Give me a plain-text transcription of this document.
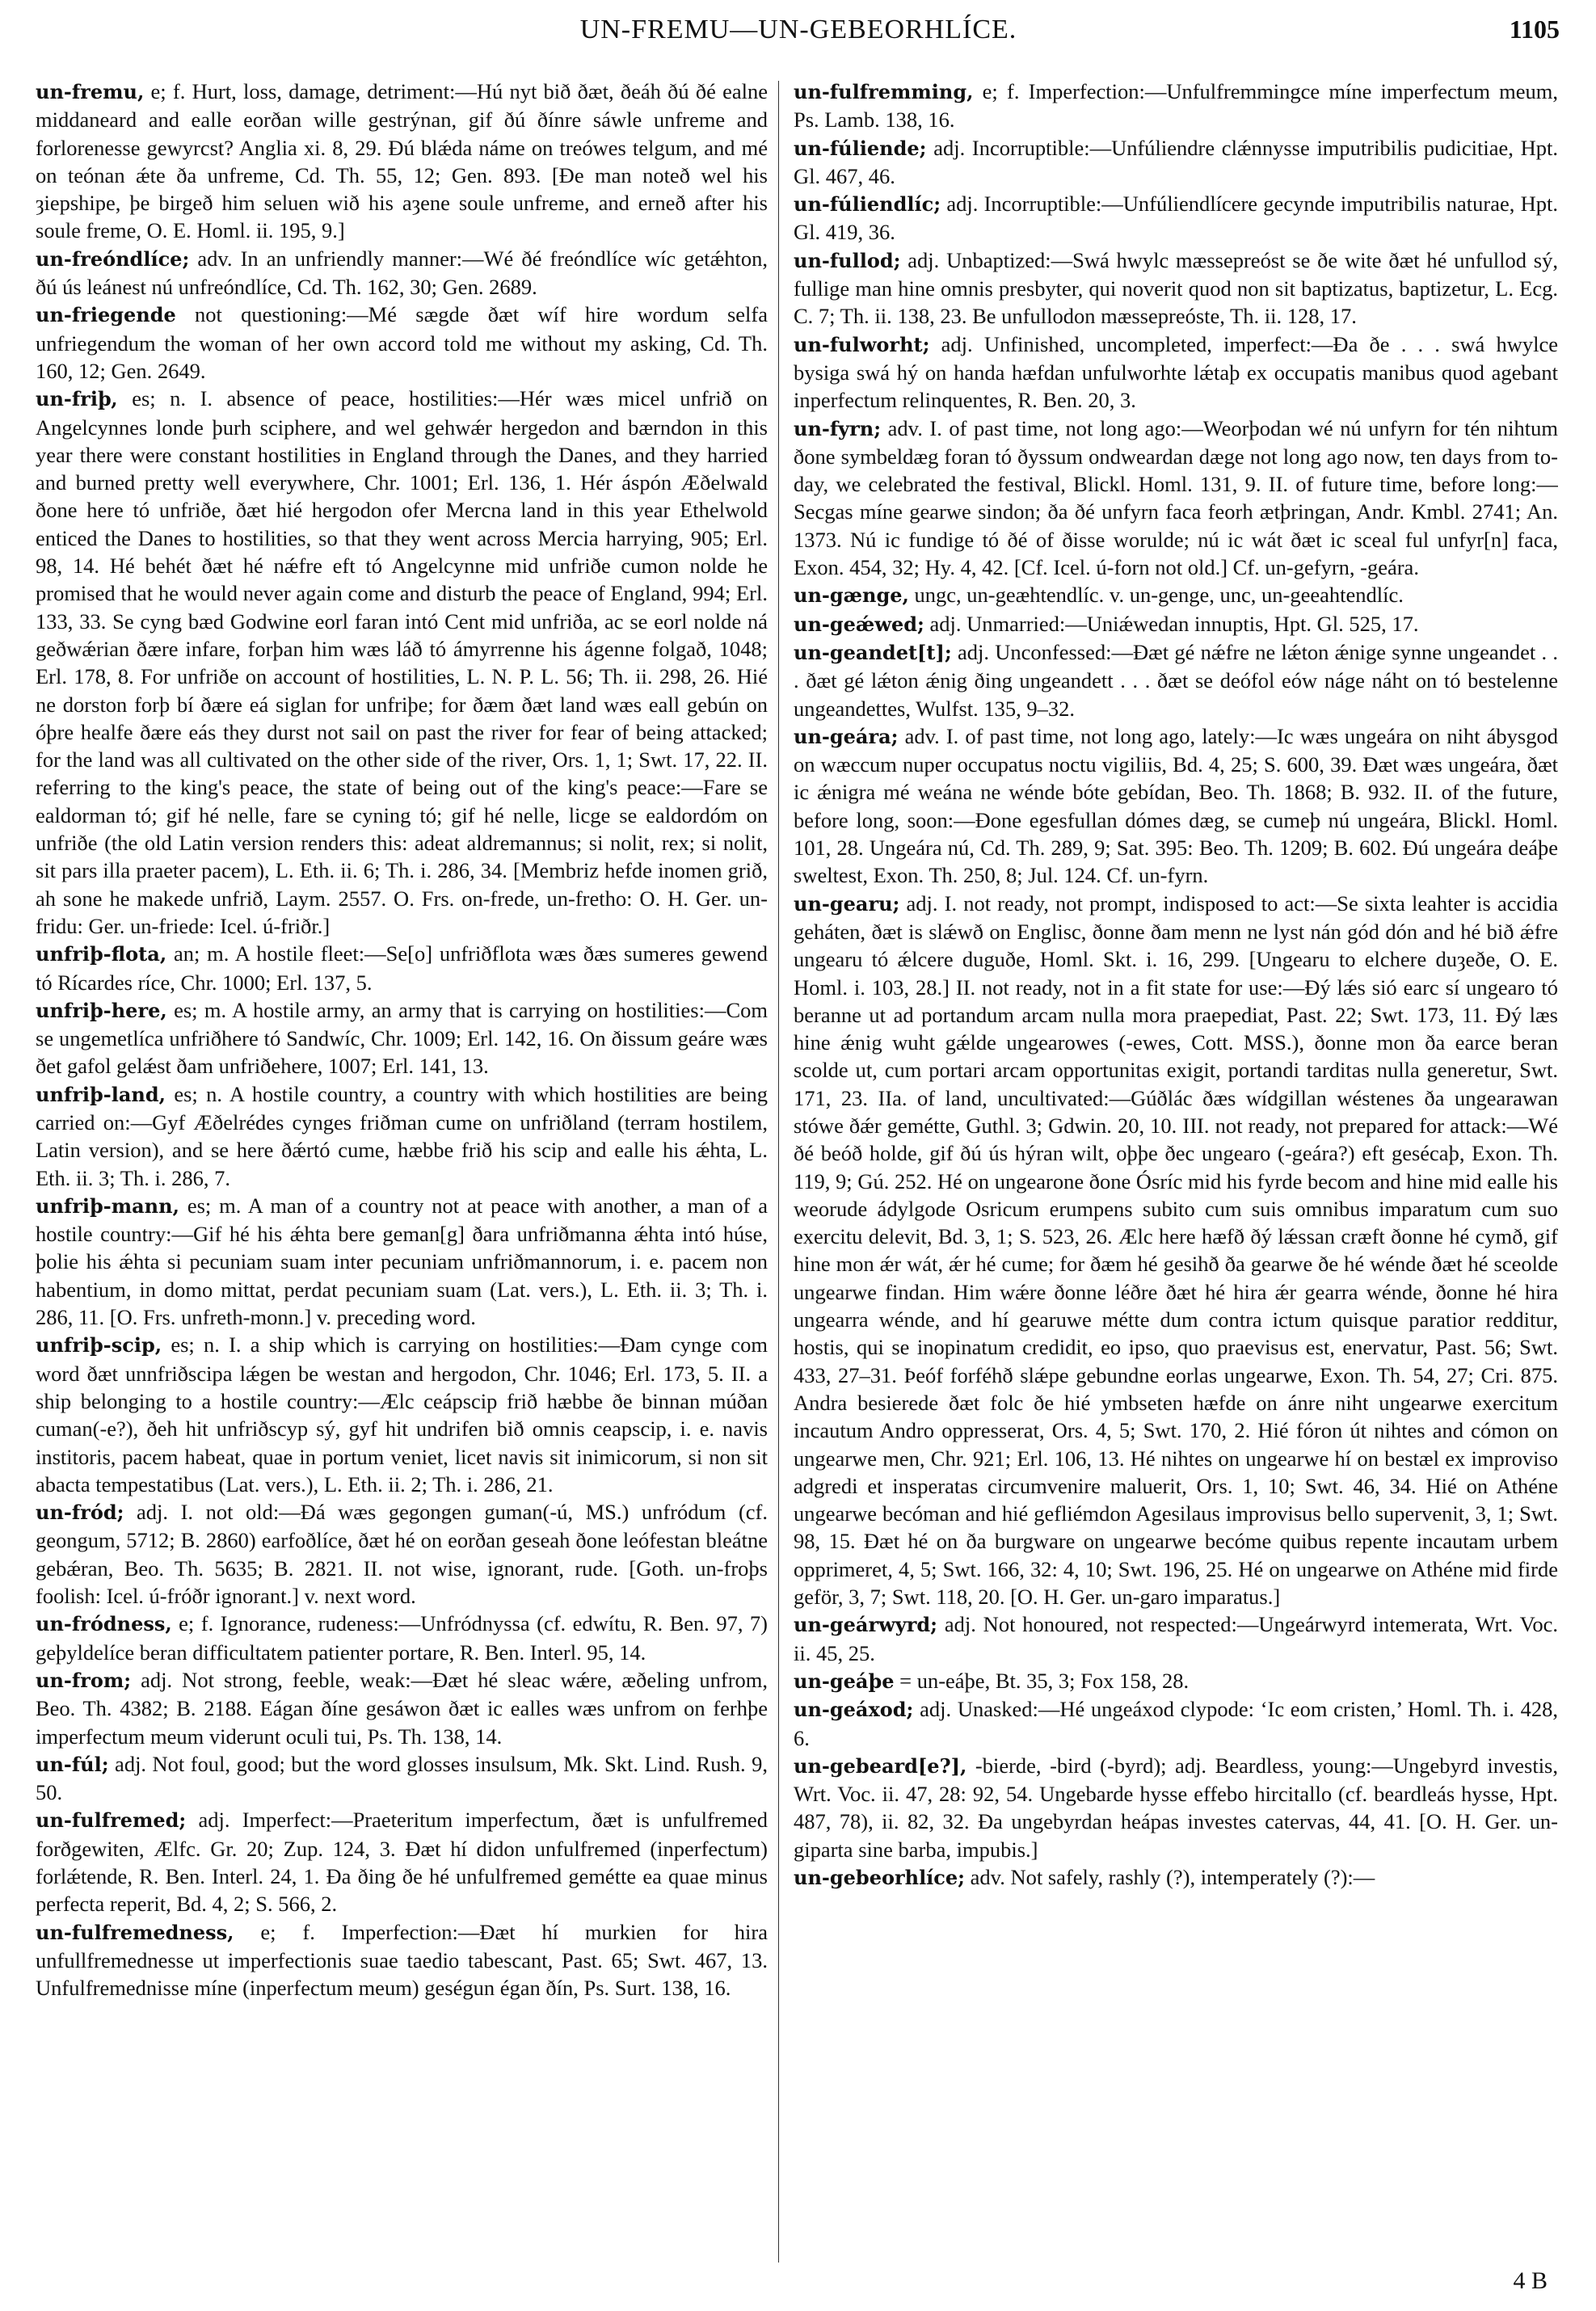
UN-FREMU—UN-GEBEORHLÍCE.	1105

un-fremu, e; f. Hurt, loss, damage, detriment:—Hú nyt bið ðæt, ðeáh ðú ðé ealne middaneard and ealle eorðan wille gestrýnan, gif ðú ðínre sáwle unfreme and forlorenesse gewyrcst? Anglia xi. 8, 29. Ðú blǽda náme on treówes telgum, and mé on teónan ǽte ða unfreme, Cd. Th. 55, 12; Gen. 893. [Ðe man noteð wel his ȝiepshipe, þe birgeð him seluen wið his aȝene soule unfreme, and erneð after his soule freme, O. E. Homl. ii. 195, 9.]

un-freóndlíce; adv. In an unfriendly manner:—Wé ðé freóndlíce wíc getǽhton, ðú ús leánest nú unfreóndlíce, Cd. Th. 162, 30; Gen. 2689.

un-friegende not questioning:—Mé sægde ðæt wíf hire wordum selfa unfriegendum the woman of her own accord told me without my asking, Cd. Th. 160, 12; Gen. 2649.

un-friþ, es; n. I. absence of peace, hostilities:—Hér wæs micel unfrið on Angelcynnes londe þurh sciphere, and wel gehwǽr hergedon and bærndon in this year there were constant hostilities in England through the Danes, and they harried and burned pretty well everywhere, Chr. 1001; Erl. 136, 1. Hér áspón Æðelwald ðone here tó unfriðe, ðæt hié hergodon ofer Mercna land in this year Ethelwold enticed the Danes to hostilities, so that they went across Mercia harrying, 905; Erl. 98, 14. Hé behét ðæt hé nǽfre eft tó Angelcynne mid unfriðe cumon nolde he promised that he would never again come and disturb the peace of England, 994; Erl. 133, 33. Se cyng bæd Godwine eorl faran intó Cent mid unfriða, ac se eorl nolde ná geðwǽrian ðære infare, forþan him wæs láð tó ámyrrenne his ágenne folgað, 1048; Erl. 178, 8. For unfriðe on account of hostilities, L. N. P. L. 56; Th. ii. 298, 26. Hié ne dorston forþ bí ðære eá siglan for unfriþe; for ðæm ðæt land wæs eall gebún on óþre healfe ðære eás they durst not sail on past the river for fear of being attacked; for the land was all cultivated on the other side of the river, Ors. 1, 1; Swt. 17, 22. II. referring to the king's peace, the state of being out of the king's peace:—Fare se ealdorman tó; gif hé nelle, fare se cyning tó; gif hé nelle, licge se ealdordóm on unfriðe (the old Latin version renders this: adeat aldremannus; si nolit, rex; si nolit, sit pars illa praeter pacem), L. Eth. ii. 6; Th. i. 286, 34. [Membriz hefde inomen grið, ah sone he makede unfrið, Laym. 2557. O. Frs. on-frede, un-fretho: O. H. Ger. un-fridu: Ger. un-friede: Icel. ú-friðr.]

unfriþ-flota, an; m. A hostile fleet:—Se[o] unfriðflota wæs ðæs sumeres gewend tó Rícardes ríce, Chr. 1000; Erl. 137, 5.

unfriþ-here, es; m. A hostile army, an army that is carrying on hostilities:—Com se ungemetlíca unfriðhere tó Sandwíc, Chr. 1009; Erl. 142, 16. On ðissum geáre wæs ðet gafol gelǽst ðam unfriðehere, 1007; Erl. 141, 13.

unfriþ-land, es; n. A hostile country, a country with which hostilities are being carried on:—Gyf Æðelrédes cynges friðman cume on unfriðland (terram hostilem, Latin version), and se here ðǽrtó cume, hæbbe frið his scip and ealle his ǽhta, L. Eth. ii. 3; Th. i. 286, 7.

unfriþ-mann, es; m. A man of a country not at peace with another, a man of a hostile country:—Gif hé his ǽhta bere geman[g] ðara unfriðmanna ǽhta intó húse, þolie his ǽhta si pecuniam suam inter pecuniam unfriðmannorum, i. e. pacem non habentium, in domo mittat, perdat pecuniam suam (Lat. vers.), L. Eth. ii. 3; Th. i. 286, 11. [O. Frs. unfreth-monn.] v. preceding word.

unfriþ-scip, es; n. I. a ship which is carrying on hostilities:—Ðam cynge com word ðæt unnfriðscipa lǽgen be westan and hergodon, Chr. 1046; Erl. 173, 5. II. a ship belonging to a hostile country:—Ælc ceápscip frið hæbbe ðe binnan múðan cuman(-e?), ðeh hit unfriðscyp sý, gyf hit undrifen bið omnis ceapscip, i. e. navis institoris, pacem habeat, quae in portum veniet, licet navis sit inimicorum, si non sit abacta tempestatibus (Lat. vers.), L. Eth. ii. 2; Th. i. 286, 21.

un-fród; adj. I. not old:—Ðá wæs gegongen guman(-ú, MS.) unfródum (cf. geongum, 5712; B. 2860) earfoðlíce, ðæt hé on eorðan geseah ðone leófestan bleátne gebǽran, Beo. Th. 5635; B. 2821. II. not wise, ignorant, rude. [Goth. un-froþs foolish: Icel. ú-fróðr ignorant.] v. next word.

un-fródness, e; f. Ignorance, rudeness:—Unfródnyssa (cf. edwítu, R. Ben. 97, 7) geþyldelíce beran difficultatem patienter portare, R. Ben. Interl. 95, 14.

un-from; adj. Not strong, feeble, weak:—Ðæt hé sleac wǽre, æðeling unfrom, Beo. Th. 4382; B. 2188. Eágan ðíne gesáwon ðæt ic ealles wæs unfrom on ferhþe imperfectum meum viderunt oculi tui, Ps. Th. 138, 14.

un-fúl; adj. Not foul, good; but the word glosses insulsum, Mk. Skt. Lind. Rush. 9, 50.

un-fulfremed; adj. Imperfect:—Praeteritum imperfectum, ðæt is unfulfremed forðgewiten, Ælfc. Gr. 20; Zup. 124, 3. Ðæt hí didon unfulfremed (inperfectum) forlǽtende, R. Ben. Interl. 24, 1. Ða ðing ðe hé unfulfremed gemétte ea quae minus perfecta reperit, Bd. 4, 2; S. 566, 2.

un-fulfremedness, e; f. Imperfection:—Ðæt hí murkien for hira unfullfremednesse ut imperfectionis suae taedio tabescant, Past. 65; Swt. 467, 13. Unfulfremednisse míne (inperfectum meum) geségun égan ðín, Ps. Surt. 138, 16.

un-fulfremming, e; f. Imperfection:—Unfulfremmingce míne imperfectum meum, Ps. Lamb. 138, 16.

un-fúliende; adj. Incorruptible:—Unfúliendre clǽnnysse imputribilis pudicitiae, Hpt. Gl. 467, 46.

un-fúliendlíc; adj. Incorruptible:—Unfúliendlícere gecynde imputribilis naturae, Hpt. Gl. 419, 36.

un-fullod; adj. Unbaptized:—Swá hwylc mæssepreóst se ðe wite ðæt hé unfullod sý, fullige man hine omnis presbyter, qui noverit quod non sit baptizatus, baptizetur, L. Ecg. C. 7; Th. ii. 138, 23. Be unfullodon mæssepreóste, Th. ii. 128, 17.

un-fulworht; adj. Unfinished, uncompleted, imperfect:—Ða ðe . . . swá hwylce bysiga swá hý on handa hæfdan unfulworhte lǽtaþ ex occupatis manibus quod agebant inperfectum relinquentes, R. Ben. 20, 3.

un-fyrn; adv. I. of past time, not long ago:—Weorþodan wé nú unfyrn for tén nihtum ðone symbeldæg foran tó ðyssum ondweardan dæge not long ago now, ten days from to-day, we celebrated the festival, Blickl. Homl. 131, 9. II. of future time, before long:—Secgas míne gearwe sindon; ða ðé unfyrn faca feorh ætþringan, Andr. Kmbl. 2741; An. 1373. Nú ic fundige tó ðé of ðisse worulde; nú ic wát ðæt ic sceal ful unfyr[n] faca, Exon. 454, 32; Hy. 4, 42. [Cf. Icel. ú-forn not old.] Cf. un-gefyrn, -geára.

un-gænge, ungc, un-geæhtendlíc. v. un-genge, unc, un-geeahtendlíc.

un-geǽwed; adj. Unmarried:—Uniǽwedan innuptis, Hpt. Gl. 525, 17.

un-geandet[t]; adj. Unconfessed:—Ðæt gé nǽfre ne lǽton ǽnige synne ungeandet . . . ðæt gé lǽton ǽnig ðing ungeandett . . . ðæt se deófol eów náge náht on tó bestelenne ungeandettes, Wulfst. 135, 9–32.

un-geára; adv. I. of past time, not long ago, lately:—Ic wæs ungeára on niht ábysgod on wæccum nuper occupatus noctu vigiliis, Bd. 4, 25; S. 600, 39. Ðæt wæs ungeára, ðæt ic ǽnigra mé weána ne wénde bóte gebídan, Beo. Th. 1868; B. 932. II. of the future, before long, soon:—Ðone egesfullan dómes dæg, se cumeþ nú ungeára, Blickl. Homl. 101, 28. Ungeára nú, Cd. Th. 289, 9; Sat. 395: Beo. Th. 1209; B. 602. Ðú ungeára deáþe sweltest, Exon. Th. 250, 8; Jul. 124. Cf. un-fyrn.

un-gearu; adj. I. not ready, not prompt, indisposed to act:—Se sixta leahter is accidia geháten, ðæt is slǽwð on Englisc, ðonne ðam menn ne lyst nán gód dón and hé bið ǽfre ungearu tó ǽlcere duguðe, Homl. Skt. i. 16, 299. [Ungearu to elchere duȝeðe, O. E. Homl. i. 103, 28.] II. not ready, not in a fit state for use:—Ðý lǽs sió earc sí ungearo tó beranne ut ad portandum arcam nulla mora praepediat, Past. 22; Swt. 173, 11. Ðý læs hine ǽnig wuht gǽlde ungearowes (-ewes, Cott. MSS.), ðonne mon ða earce beran scolde ut, cum portari arcam opportunitas exigit, portandi tarditas nulla generetur, Swt. 171, 23. IIa. of land, uncultivated:—Gúðlác ðæs wídgillan wéstenes ða ungearawan stówe ðǽr gemétte, Guthl. 3; Gdwin. 20, 10. III. not ready, not prepared for attack:—Wé ðé beóð holde, gif ðú ús hýran wilt, oþþe ðec ungearo (-geára?) eft gesécaþ, Exon. Th. 119, 9; Gú. 252. Hé on ungearone ðone Ósríc mid his fyrde becom and hine mid ealle his weorude ádylgode Osricum erumpens subito cum suis omnibus imparatum cum suo exercitu delevit, Bd. 3, 1; S. 523, 26. Ælc here hæfð ðý lǽssan cræft ðonne hé cymð, gif hine mon ǽr wát, ǽr hé cume; for ðæm hé gesihð ða gearwe ðe hé wénde ðæt hé sceolde ungearwe findan. Him wǽre ðonne léðre ðæt hé hira ǽr gearra wénde, ðonne hé hira ungearra wénde, and hí gearuwe métte dum contra ictum quisque paratior redditur, hostis, qui se inopinatum credidit, eo ipso, quo praevisus est, enervatur, Past. 56; Swt. 433, 27–31. Þeóf forféhð slǽpe gebundne eorlas ungearwe, Exon. Th. 54, 27; Cri. 875. Andra besierede ðæt folc ðe hié ymbseten hæfde on ánre niht ungearwe exercitum incautum Andro oppresserat, Ors. 4, 5; Swt. 170, 2. Hié fóron út nihtes and cómon on ungearwe men, Chr. 921; Erl. 106, 13. Hé nihtes on ungearwe hí on bestæl ex improviso adgredi et insperatas circumvenire maluerit, Ors. 1, 10; Swt. 46, 34. Hié on Athéne ungearwe becóman and hié gefliémdon Agesilaus improvisus bello supervenit, 3, 1; Swt. 98, 15. Ðæt hé on ða burgware on ungearwe becóme quibus repente incautam urbem opprimeret, 4, 5; Swt. 166, 32: 4, 10; Swt. 196, 25. Hé on ungearwe on Athéne mid firde geför, 3, 7; Swt. 118, 20. [O. H. Ger. un-garo imparatus.]

un-geárwyrd; adj. Not honoured, not respected:—Ungeárwyrd intemerata, Wrt. Voc. ii. 45, 25.

un-geáþe = un-eáþe, Bt. 35, 3; Fox 158, 28.

un-geáxod; adj. Unasked:—Hé ungeáxod clypode: ‘Ic eom cristen,’ Homl. Th. i. 428, 6.

un-gebeard[e?], -bierde, -bird (-byrd); adj. Beardless, young:—Ungebyrd investis, Wrt. Voc. ii. 47, 28: 92, 54. Ungebarde hysse effebo hircitallo (cf. beardleás hysse, Hpt. 487, 78), ii. 82, 32. Ða ungebyrdan heápas investes catervas, 44, 41. [O. H. Ger. un-giparta sine barba, impubis.]

un-gebeorhlíce; adv. Not safely, rashly (?), intemperately (?):—

4 B
